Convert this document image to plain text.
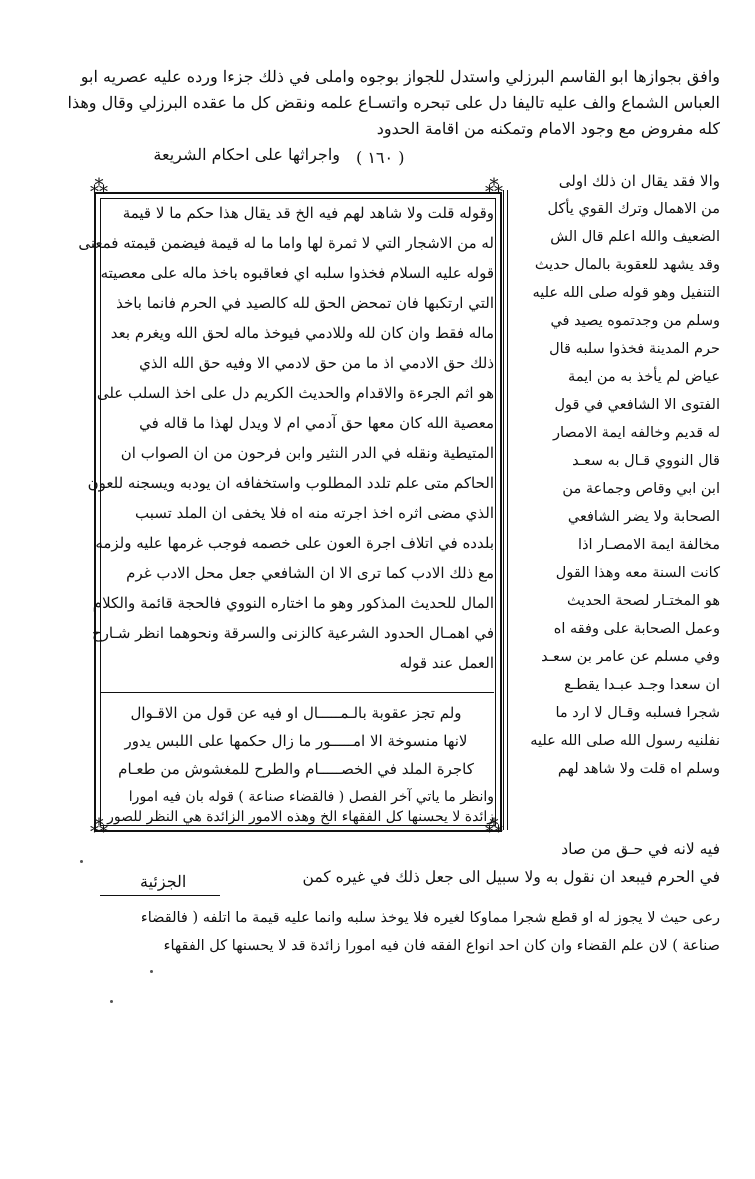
وافق بجوازها ابو القاسم البرزلي واستدل للجواز بوجوه واملى في ذلك جزءا ورده عليه عصريه ابو
العباس الشماع والف عليه تاليفا دل على تبحره واتسـاع علمه ونقض كل ما عقده البرزلي وقال وهذا
كله مفروض مع وجود الامام وتمكنه من اقامة الحدود
واجراثها على احكام الشريعة ( ١٦٠ )
⁂	⁂
⁂	⁂
والا فقد يقال ان ذلك اولى
من الاهمال وترك القوي يأكل
الضعيف والله اعلم قال الش
وقد يشهد للعقوبة بالمال حديث
التنفيل وهو قوله صلى الله عليه
وسلم من وجدتموه يصيد في
حرم المدينة فخذوا سلبه قال
عياض لم يأخذ به من ايمة
الفتوى الا الشافعي في قول
له قديم وخالفه ايمة الامصار
قال النووي قـال به سعـد
ابن ابي وقاص وجماعة من
الصحابة ولا يضر الشافعي
مخالفة ايمة الامصـار اذا
كانت السنة معه وهذا القول
هو المختـار لصحة الحديث
وعمل الصحابة على وفقه اه
وفي مسلم عن عامر بن سعـد
ان سعدا وجـد عبـدا يقطـع
شجرا فسلبه وقـال لا ارد ما
نفلنيه رسول الله صلى الله عليه
وسلم اه قلت ولا شاهد لهم
وقوله قلت ولا شاهد لهم فيه الخ قد يقال هذا حكم ما لا قيمة
له من الاشجار التي لا ثمرة لها واما ما له قيمة فيضمن قيمته فمعنى
قوله عليه السلام فخذوا سلبه اي فعاقبوه باخذ ماله على معصيته
التي ارتكبها فان تمحض الحق لله كالصيد في الحرم فانما باخذ
ماله فقط وان كان لله وللادمي فيوخذ ماله لحق الله ويغرم بعد
ذلك حق الادمي اذ ما من حق لادمي الا وفيه حق الله الذي
هو اثم الجرءة والاقدام والحديث الكريم دل على اخذ السلب على
معصية الله كان معها حق آدمي ام لا ويدل لهذا ما قاله في
المتيطية ونقله في الدر النثير وابن فرحون من ان الصواب ان
الحاكم متى علم تلدد المطلوب واستخفافه ان يودبه ويسجنه للعون
الذي مضى اثره اخذ اجرته منه اه فلا يخفى ان الملد تسبب
بلدده في اتلاف اجرة العون على خصمه فوجب غرمها عليه ولزمه
مع ذلك الادب كما ترى الا ان الشافعي جعل محل الادب غرم
المال للحديث المذكور وهو ما اختاره النووي فالحجة قائمة والكلام
في اهمـال الحدود الشرعية كالزنى والسرقة ونحوهما انظر شـارح
العمل عند قوله
ولم تجز عقوبة بالـمـــــال او فيه عن قول من الاقـوال
لانها منسوخة الا امـــــور ما زال حكمها على اللبس يدور
كاجرة الملد في الخصـــــام والطرح للمغشوش من طعـام
وانظر ما ياتي آخر الفصل ( فالقضاء صناعة ) قوله بان فيه امورا
زائدة لا يحسنها كل الفقهاء الخ وهذه الامور الزائدة هي النظر للصور
فيه لانه في حـق من صاد
في الحرم فيبعد ان نقول به ولا سبيل الى جعل ذلك في غيره كمن
الجزئية
رعى حيث لا يجوز له او قطع شجرا مماوكا لغيره فلا يوخذ سلبه وانما عليه قيمة ما اتلفه ( فالقضاء
صناعة ) لان علم القضاء وان كان احد انواع الفقه فان فيه امورا زائدة قد لا يحسنها كل الفقهاء
